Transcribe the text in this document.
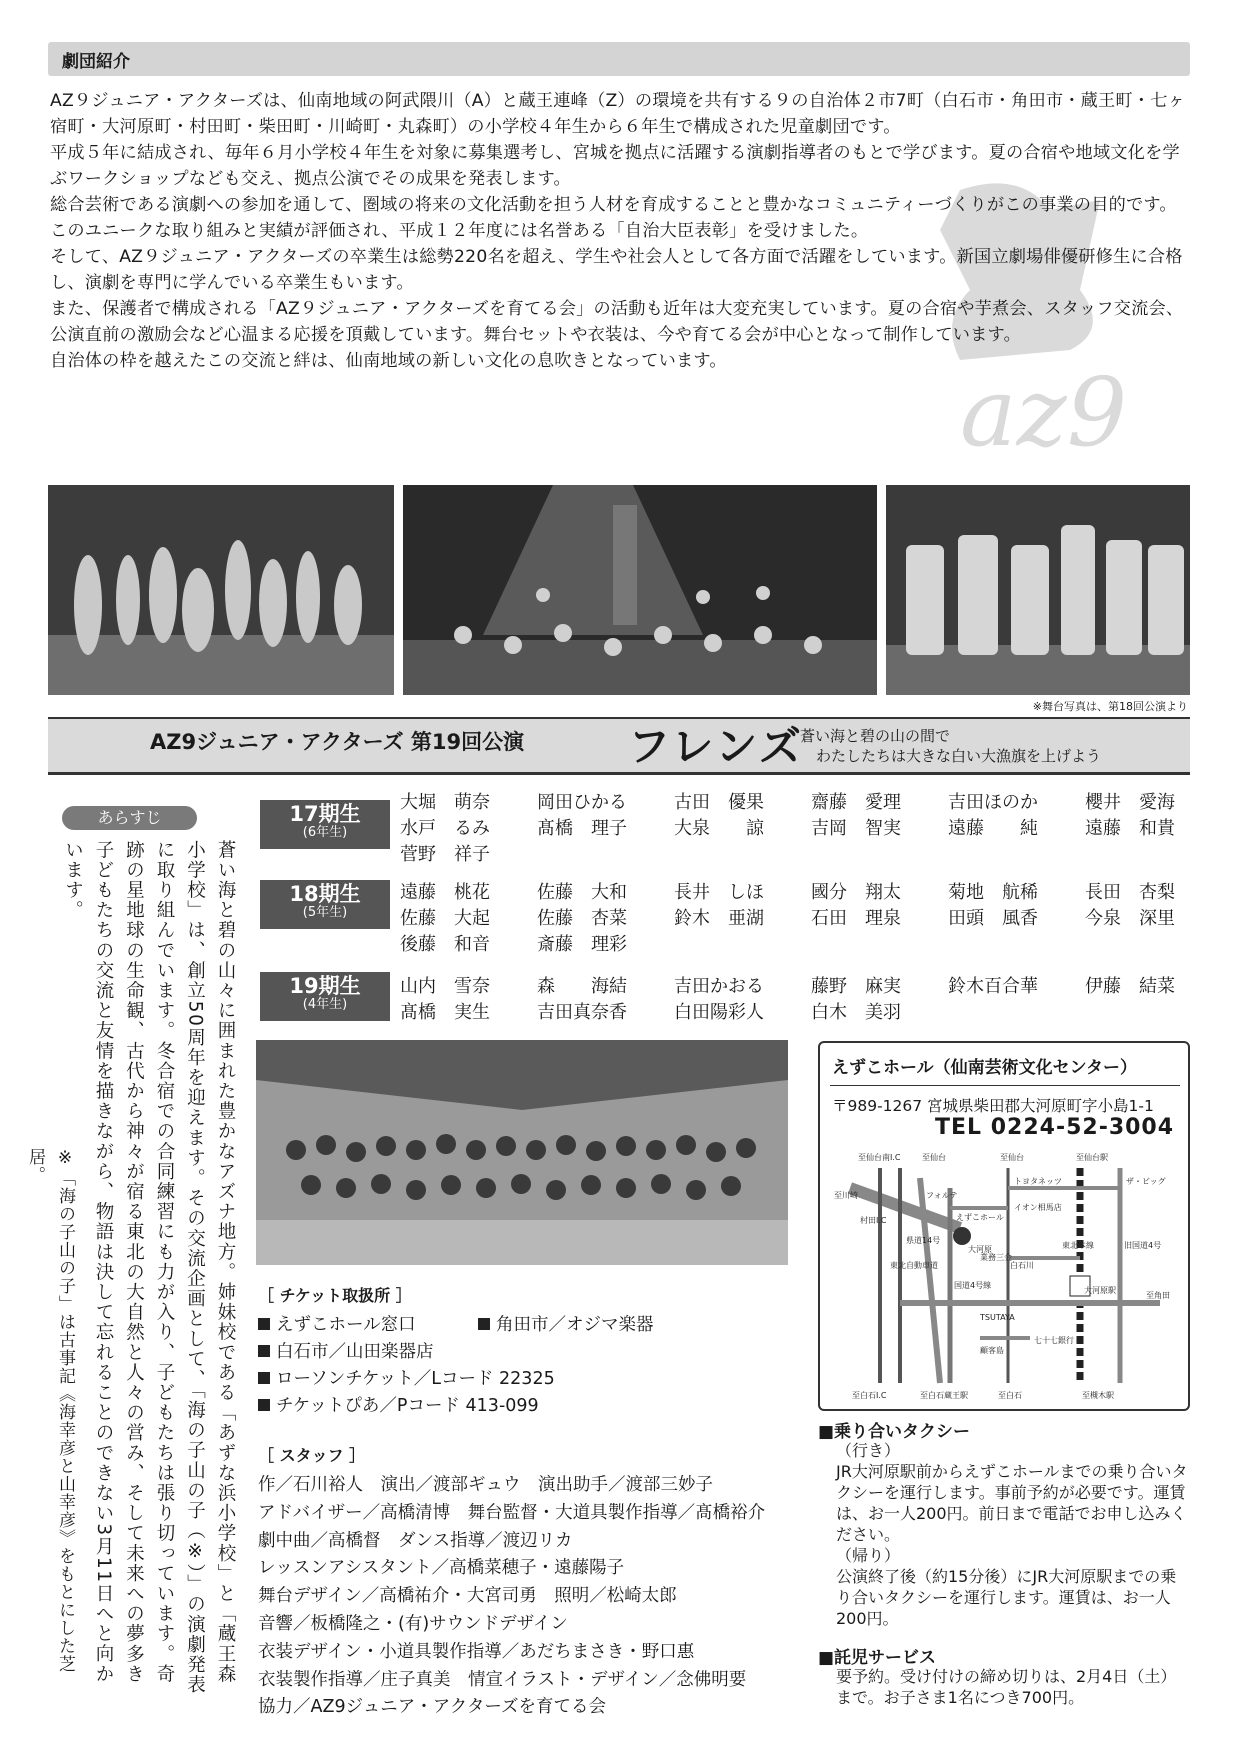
劇団紹介
az9

AZ９ジュニア・アクターズは、仙南地域の阿武隈川（A）と蔵王連峰（Z）の環境を共有する９の自治体２市7町（白石市・角田市・蔵王町・七ヶ宿町・大河原町・村田町・柴田町・川崎町・丸森町）の小学校４年生から６年生で構成された児童劇団です。

平成５年に結成され、毎年６月小学校４年生を対象に募集選考し、宮城を拠点に活躍する演劇指導者のもとで学びます。夏の合宿や地域文化を学ぶワークショップなども交え、拠点公演でその成果を発表します。

総合芸術である演劇への参加を通して、圏域の将来の文化活動を担う人材を育成することと豊かなコミュニティーづくりがこの事業の目的です。このユニークな取り組みと実績が評価され、平成１２年度には名誉ある「自治大臣表彰」を受けました。

そして、AZ９ジュニア・アクターズの卒業生は総勢220名を超え、学生や社会人として各方面で活躍をしています。新国立劇場俳優研修生に合格し、演劇を専門に学んでいる卒業生もいます。

また、保護者で構成される「AZ９ジュニア・アクターズを育てる会」の活動も近年は大変充実しています。夏の合宿や芋煮会、スタッフ交流会、公演直前の激励会など心温まる応援を頂戴しています。舞台セットや衣装は、今や育てる会が中心となって制作しています。

自治体の枠を越えたこの交流と絆は、仙南地域の新しい文化の息吹きとなっています。

※舞台写真は、第18回公演より
AZ9ジュニア・アクターズ 第19回公演 フレンズ
蒼い海と碧の山の間で
わたしたちは大きな白い大漁旗を上げよう
あらすじ
蒼い海と碧の山々に囲まれた豊かなアズナ地方。姉妹校である「あずな浜小学校」と「蔵王森小学校」は、創立50周年を迎えます。その交流企画として、「海の子山の子（※）」の演劇発表に取り組んでいます。冬合宿での合同練習にも力が入り、子どもたちは張り切っています。奇跡の星地球の生命観、古代から神々が宿る東北の大自然と人々の営み、そして未来への夢多き子どもたちの交流と友情を描きながら、物語は決して忘れることのできない3月11日へと向かいます。
17期生
(6年生)
大堀　萌奈	岡田ひかる	古田　優果	齋藤　愛理	吉田ほのか	櫻井　愛海
水戸　るみ	髙橋　理子	大泉　　諒	吉岡　智実	遠藤　　純	遠藤　和貴
菅野　祥子
18期生
(5年生)
遠藤　桃花	佐藤　大和	長井　しほ	國分　翔太	菊地　航稀	長田　杏梨
佐藤　大起	佐藤　杏菜	鈴木　亜湖	石田　理泉	田頭　風香	今泉　深里
後藤　和音	斎藤　理彩
19期生
(4年生)
山内　雪奈	森　　海結	吉田かおる	藤野　麻実	鈴木百合華	伊藤　結菜
髙橋　実生	吉田真奈香	白田陽彩人	白木　美羽
［ チケット取扱所 ］
えずこホール窓口	角田市／オジマ楽器
白石市／山田楽器店
ローソンチケット／Lコード 22325
チケットぴあ／Pコード 413-099
［ スタッフ ］
作／石川裕人　演出／渡部ギュウ　演出助手／渡部三妙子
アドバイザー／高橋清博　舞台監督・大道具製作指導／髙橋裕介
劇中曲／高橋督　ダンス指導／渡辺リカ
レッスンアシスタント／高橋菜穂子・遠藤陽子
舞台デザイン／高橋祐介・大宮司勇　照明／松崎太郎
音響／板橋隆之・(有)サウンドデザイン
衣装デザイン・小道具製作指導／あだちまさき・野口惠
衣装製作指導／庄子真美　情宣イラスト・デザイン／念佛明要
協力／AZ9ジュニア・アクターズを育てる会
えずこホール（仙南芸術文化センター）
〒989-1267 宮城県柴田郡大河原町字小島1-1
TEL 0224-52-3004
至仙台南I.C	至仙台	至仙台	至仙台駅
至白石I.C	至白石蔵王駅	至白石	至槻木駅
至川崎
至角田
東北自動車道
村田I.C	えずこホール
フォルテ
県道14号
国道4号線
旧国道4号
東北本線
大河原駅
白石川
トヨタネッツ
イオン相馬店
大河原
七十七銀行
TSUTAYA
業務三金
ザ・ビッグ
顧客島
■乗り合いタクシー
（行き）
JR大河原駅前からえずこホールまでの乗り合いタクシーを運行します。事前予約が必要です。運賃は、お一人200円。前日まで電話でお申し込みください。
（帰り）
公演終了後（約15分後）にJR大河原駅までの乗り合いタクシーを運行します。運賃は、お一人200円。
■託児サービス
要予約。受け付けの締め切りは、2月4日（土）まで。お子さま1名につき700円。
※「海の子山の子」は古事記《海幸彦と山幸彦》をもとにした芝居。
